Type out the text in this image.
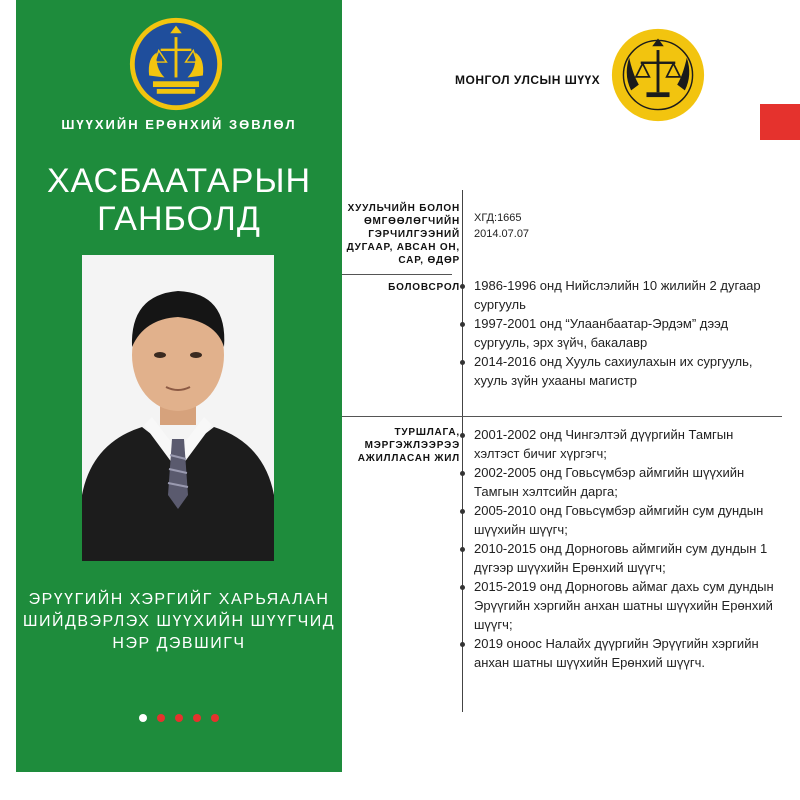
ШҮҮХИЙН ЕРӨНХИЙ ЗӨВЛӨЛ
ХАСБААТАРЫН ГАНБОЛД
ЭРҮҮГИЙН ХЭРГИЙГ ХАРЬЯАЛАН ШИЙДВЭРЛЭХ ШҮҮХИЙН ШҮҮГЧИД НЭР ДЭВШИГЧ

МОНГОЛ УЛСЫН ШҮҮХ
ХУУЛЬЧИЙН БОЛОН ӨМГӨӨЛӨГЧИЙН ГЭРЧИЛГЭЭНИЙ ДУГААР, АВСАН ОН, САР, ӨДӨР
ХГД:1665
2014.07.07
БОЛОВСРОЛ	1986-1996 онд Нийслэлийн 10 жилийн 2 дугаар сургууль
1997-2001 онд “Улаанбаатар-Эрдэм” дээд сургууль, эрх зүйч, бакалавр
2014-2016 онд Хууль сахиулахын их сургууль, хууль зүйн ухааны магистр
ТУРШЛАГА, МЭРГЭЖЛЭЭРЭЭ АЖИЛЛАСАН ЖИЛ
2001-2002 онд Чингэлтэй дүүргийн Тамгын хэлтэст бичиг хүргэгч;
2002-2005 онд Говьсүмбэр аймгийн шүүхийн Тамгын хэлтсийн дарга;
2005-2010 онд Говьсүмбэр аймгийн сум дундын шүүхийн шүүгч;
2010-2015 онд Дорноговь аймгийн сум дундын 1 дүгээр шүүхийн Ерөнхий шүүгч;
2015-2019 онд Дорноговь аймаг дахь сум дундын Эрүүгийн хэргийн анхан шатны шүүхийн Ерөнхий шүүгч;
2019 оноос Налайх дүүргийн Эрүүгийн хэргийн анхан шатны шүүхийн Ерөнхий шүүгч.
